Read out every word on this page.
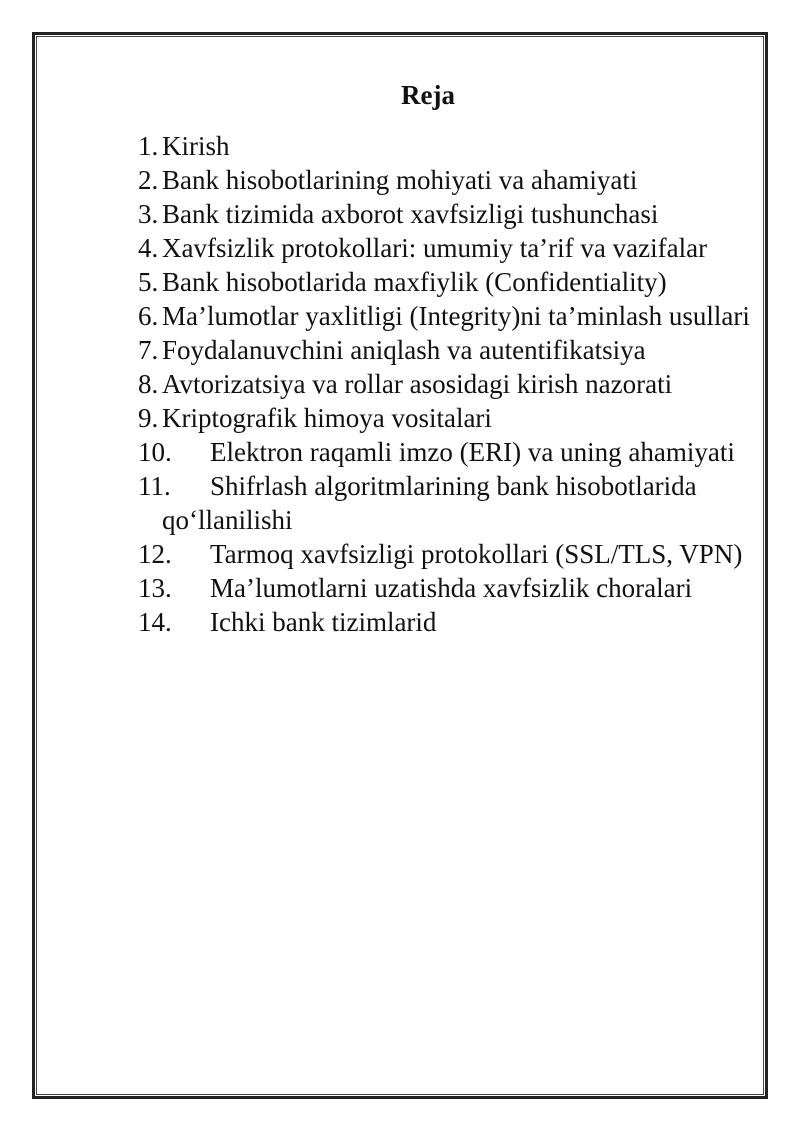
Reja
1. Kirish
2. Bank hisobotlarining mohiyati va ahamiyati
3. Bank tizimida axborot xavfsizligi tushunchasi
4. Xavfsizlik protokollari: umumiy ta’rif va vazifalar
5. Bank hisobotlarida maxfiylik (Confidentiality)
6. Ma’lumotlar yaxlitligi (Integrity)ni ta’minlash usullari
7. Foydalanuvchini aniqlash va autentifikatsiya
8. Avtorizatsiya va rollar asosidagi kirish nazorati
9. Kriptografik himoya vositalari
10.	Elektron raqamli imzo (ERI) va uning ahamiyati
11.	Shifrlash algoritmlarining bank hisobotlarida qo‘llanilishi
12.	Tarmoq xavfsizligi protokollari (SSL/TLS, VPN)
13.	Ma’lumotlarni uzatishda xavfsizlik choralari
14.	Ichki bank tizimlarid
